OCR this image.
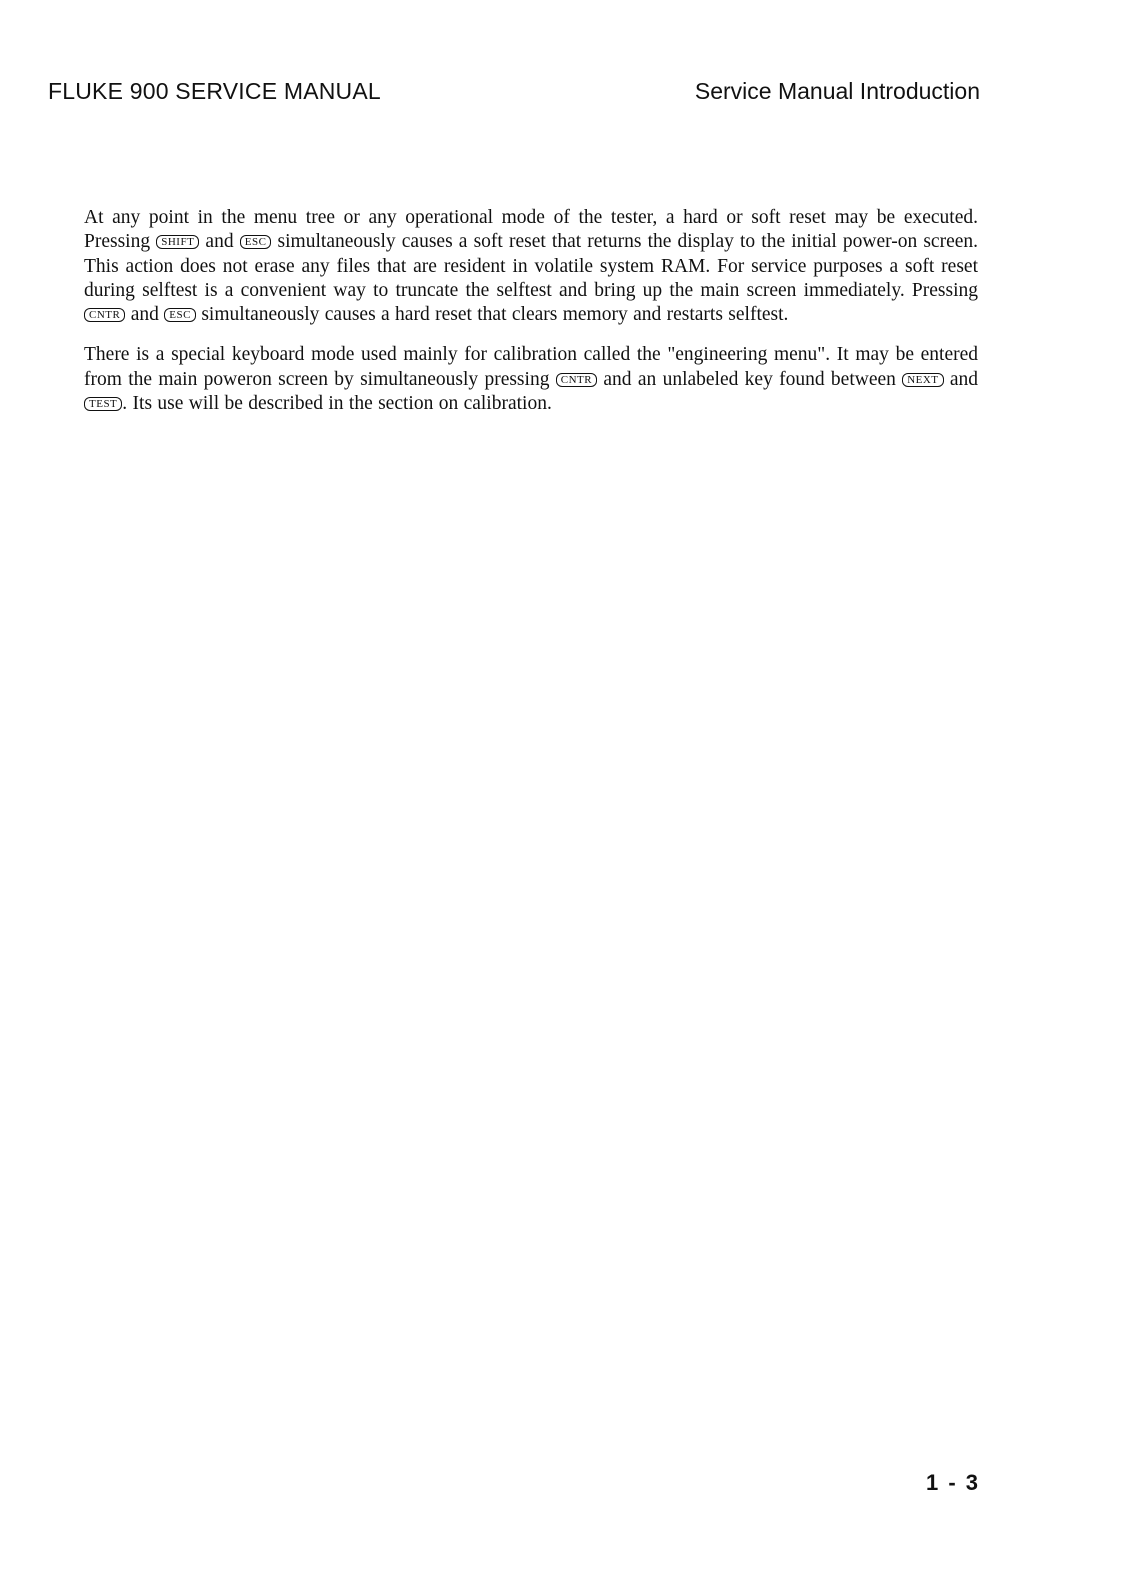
FLUKE 900 SERVICE MANUAL	Service Manual Introduction

At any point in the menu tree or any operational mode of the tester, a hard or soft reset may be executed. Pressing SHIFT and ESC simultaneously causes a soft reset that returns the display to the initial power-on screen. This action does not erase any files that are resident in volatile system RAM. For service purposes a soft reset during selftest is a convenient way to truncate the selftest and bring up the main screen immediately. Pressing CNTR and ESC simultaneously causes a hard reset that clears memory and restarts selftest.

There is a special keyboard mode used mainly for calibration called the "engineering menu". It may be entered from the main poweron screen by simultaneously pressing CNTR and an unlabeled key found between NEXT and TEST . Its use will be described in the section on calibration.

1 - 3
